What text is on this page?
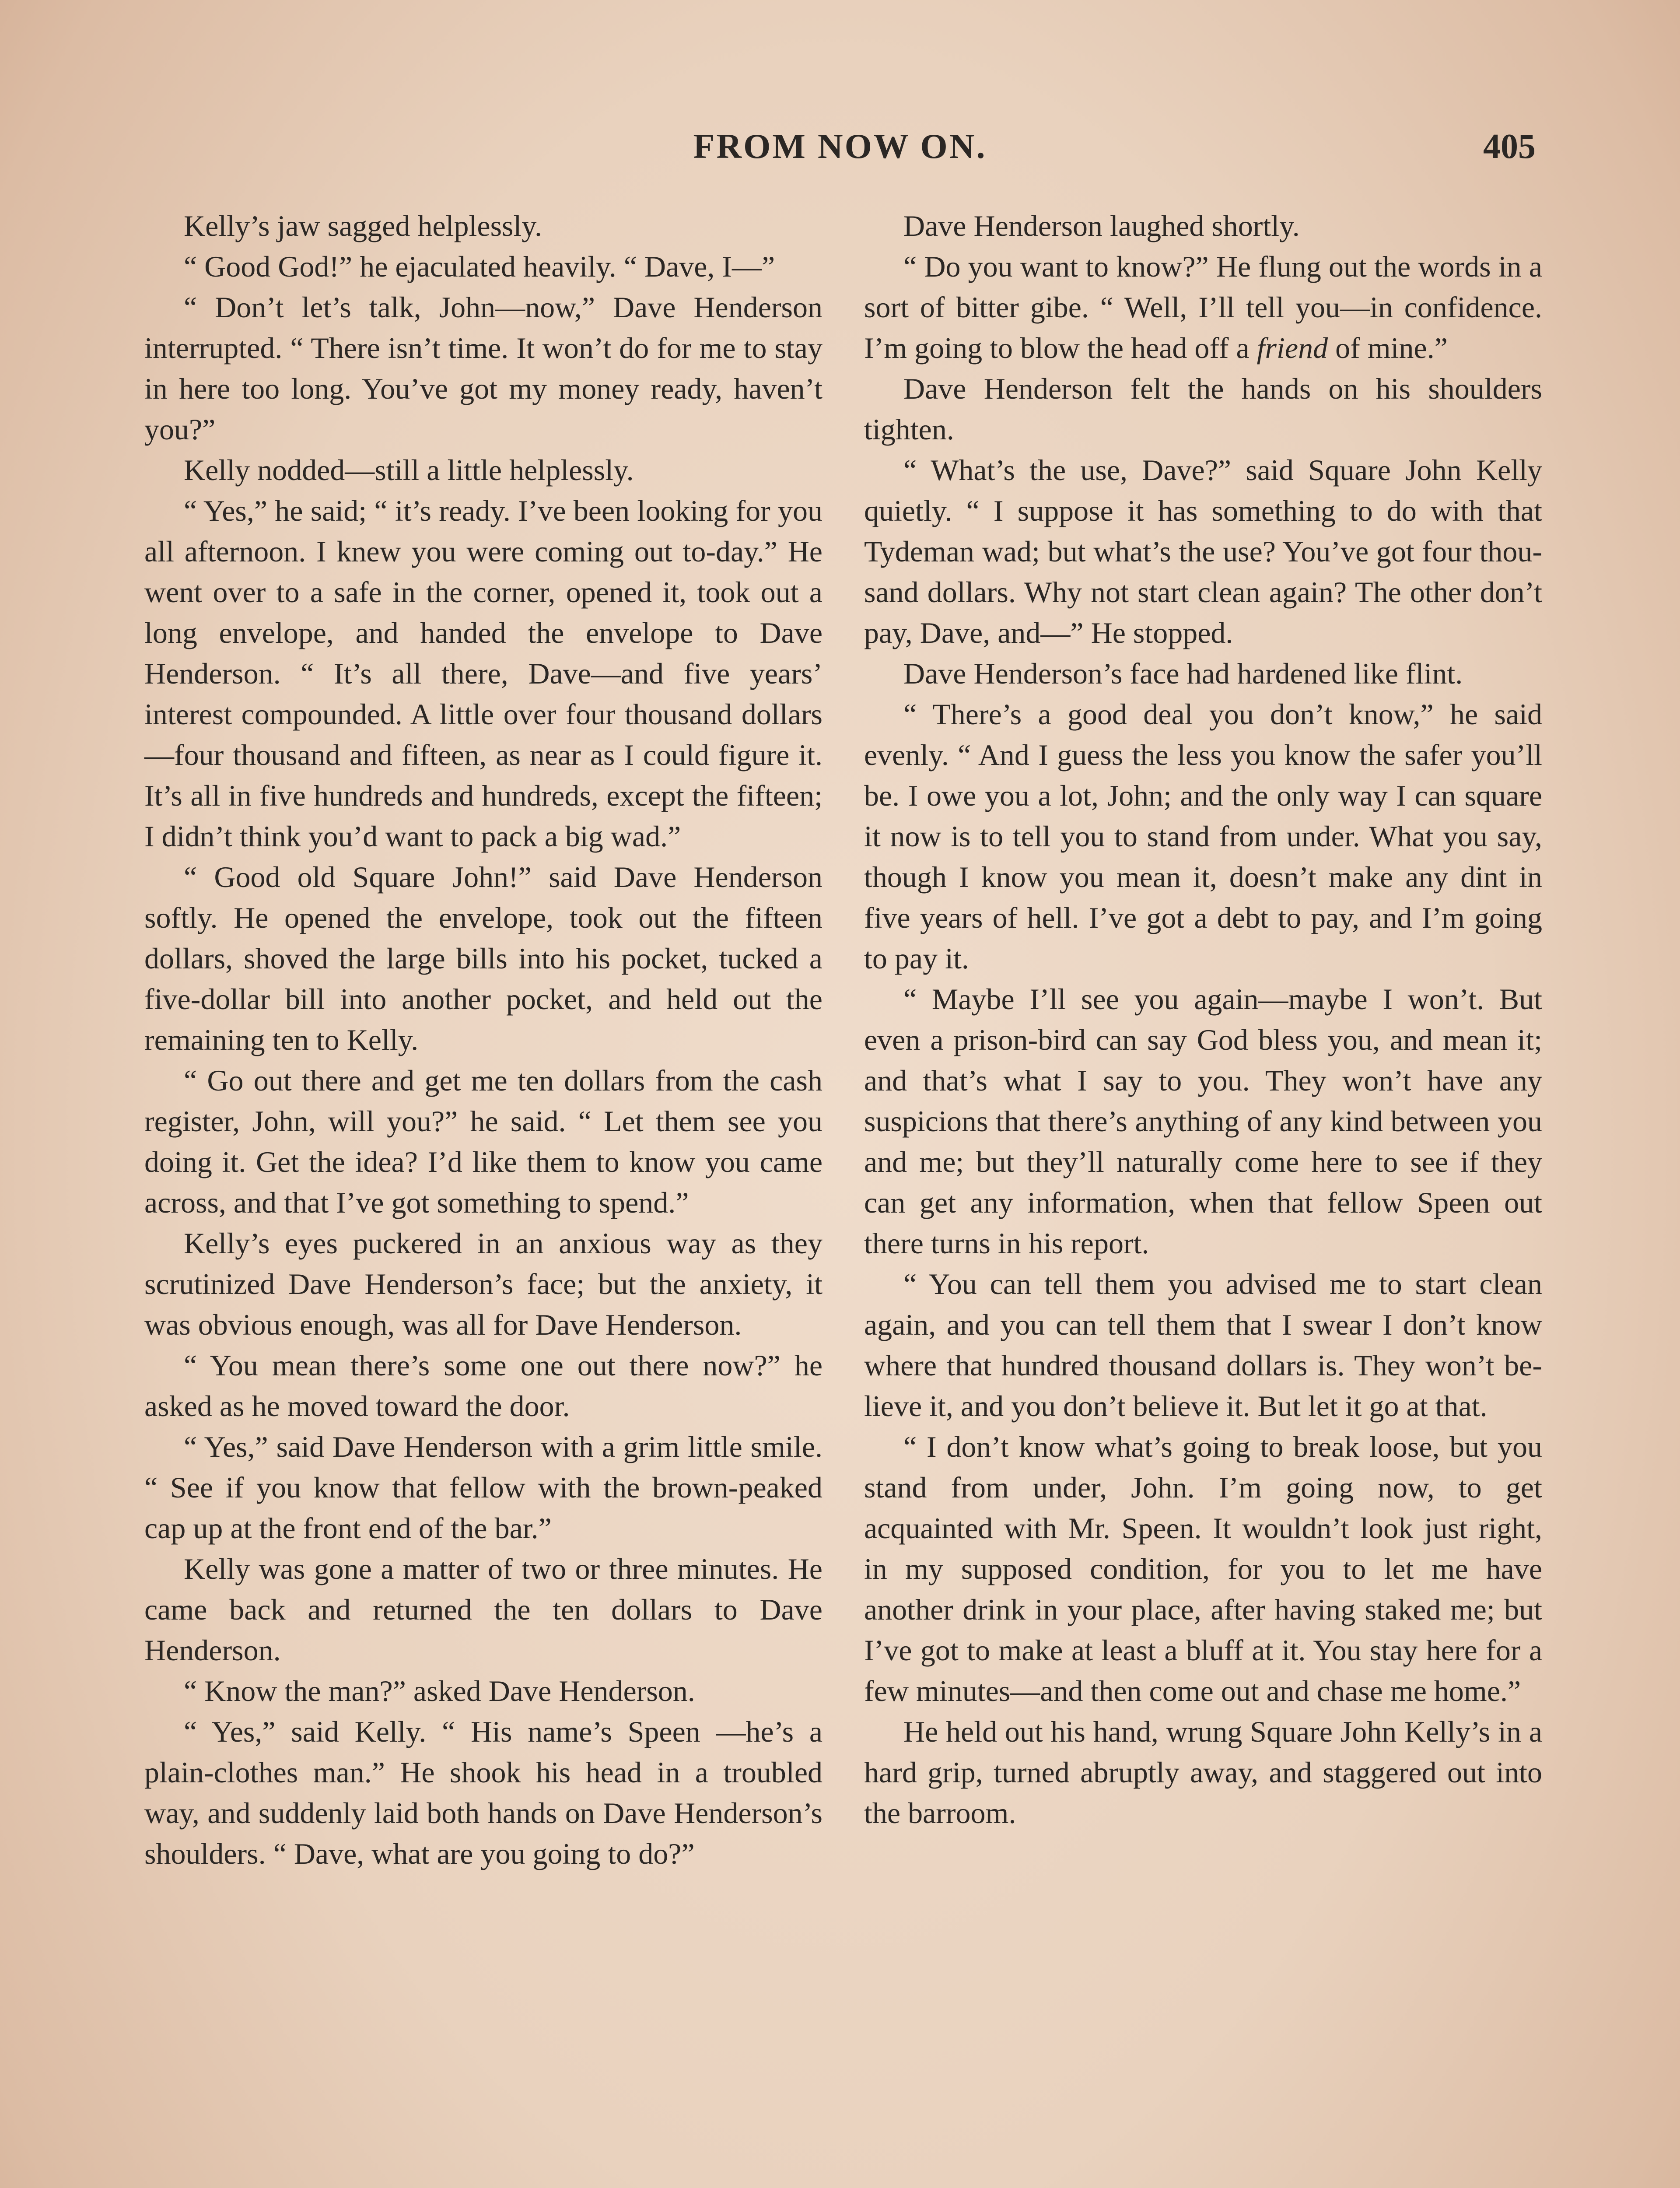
FROM NOW ON.	405

Kelly’s jaw sagged helplessly.

“ Good God!” he ejaculated heavily. “ Dave, I—”

“ Don’t let’s talk, John—now,” Dave Henderson interrupted. “ There isn’t time. It won’t do for me to stay in here too long. You’ve got my money ready, haven’t you?”

Kelly nodded—still a little helplessly.

“ Yes,” he said; “ it’s ready. I’ve been looking for you all afternoon. I knew you were coming out to-day.” He went over to a safe in the corner, opened it, took out a long envelope, and handed the envelope to Dave Henderson. “ It’s all there, Dave—and five years’ interest compounded. A little over four thousand dollars—four thousand and fifteen, as near as I could figure it. It’s all in five hundreds and hundreds, except the fifteen; I didn’t think you’d want to pack a big wad.”

“ Good old Square John!” said Dave Henderson softly. He opened the envelope, took out the fifteen dollars, shoved the large bills into his pocket, tucked a five-dollar bill into another pocket, and held out the remaining ten to Kelly.

“ Go out there and get me ten dollars from the cash register, John, will you?” he said. “ Let them see you doing it. Get the idea? I’d like them to know you came across, and that I’ve got something to spend.”

Kelly’s eyes puckered in an anxious way as they scrutinized Dave Henderson’s face; but the anxiety, it was obvious enough, was all for Dave Henderson.

“ You mean there’s some one out there now?” he asked as he moved toward the door.

“ Yes,” said Dave Henderson with a grim little smile. “ See if you know that fellow with the brown-peaked cap up at the front end of the bar.”

Kelly was gone a matter of two or three minutes. He came back and returned the ten dollars to Dave Henderson.

“ Know the man?” asked Dave Henderson.

“ Yes,” said Kelly. “ His name’s Speen —he’s a plain-clothes man.” He shook his head in a troubled way, and suddenly laid both hands on Dave Henderson’s shoulders. “ Dave, what are you going to do?”

Dave Henderson laughed shortly.

“ Do you want to know?” He flung out the words in a sort of bitter gibe. “ Well, I’ll tell you—in confidence. I’m going to blow the head off a friend of mine.”

Dave Henderson felt the hands on his shoulders tighten.

“ What’s the use, Dave?” said Square John Kelly quietly. “ I suppose it has something to do with that Tydeman wad; but what’s the use? You’ve got four thousand dollars. Why not start clean again? The other don’t pay, Dave, and—” He stopped.

Dave Henderson’s face had hardened like flint.

“ There’s a good deal you don’t know,” he said evenly. “ And I guess the less you know the safer you’ll be. I owe you a lot, John; and the only way I can square it now is to tell you to stand from under. What you say, though I know you mean it, doesn’t make any dint in five years of hell. I’ve got a debt to pay, and I’m going to pay it.

“ Maybe I’ll see you again—maybe I won’t. But even a prison-bird can say God bless you, and mean it; and that’s what I say to you. They won’t have any suspicions that there’s anything of any kind between you and me; but they’ll naturally come here to see if they can get any information, when that fellow Speen out there turns in his report.

“ You can tell them you advised me to start clean again, and you can tell them that I swear I don’t know where that hundred thousand dollars is. They won’t believe it, and you don’t believe it. But let it go at that.

“ I don’t know what’s going to break loose, but you stand from under, John. I’m going now, to get acquainted with Mr. Speen. It wouldn’t look just right, in my supposed condition, for you to let me have another drink in your place, after having staked me; but I’ve got to make at least a bluff at it. You stay here for a few minutes—and then come out and chase me home.”

He held out his hand, wrung Square John Kelly’s in a hard grip, turned abruptly away, and staggered out into the barroom.
